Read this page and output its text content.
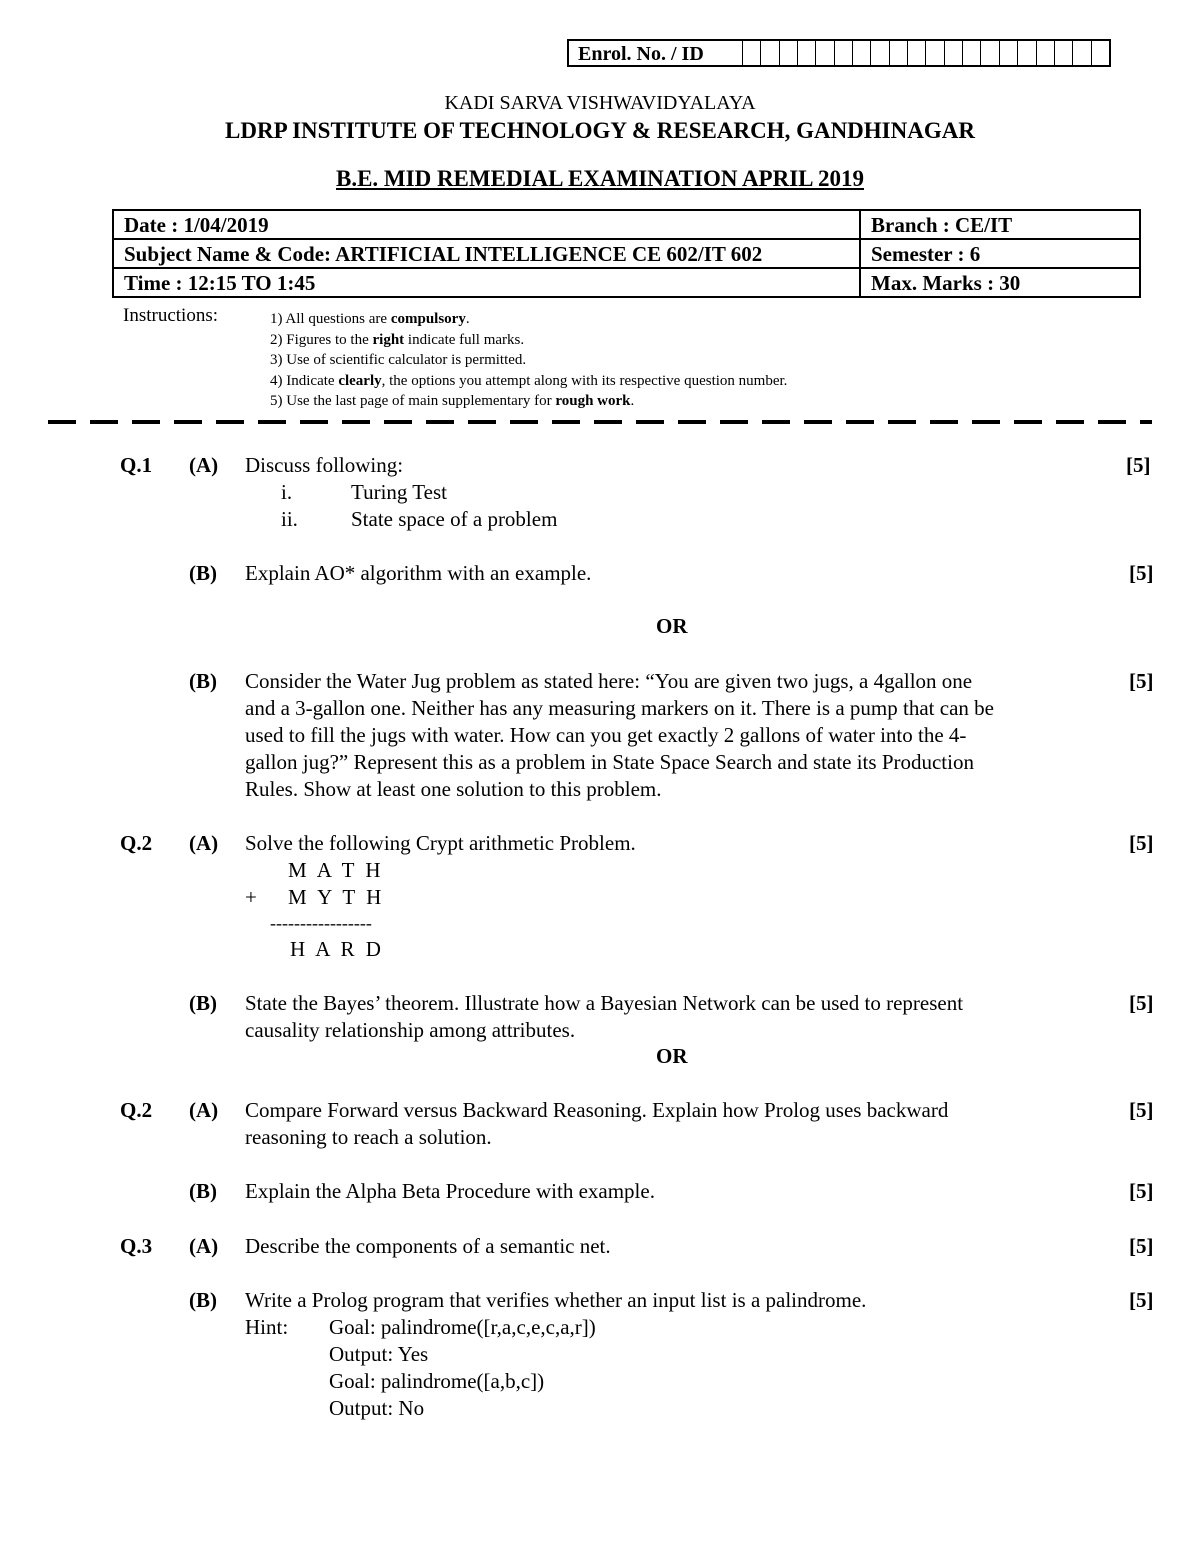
Enrol. No. / ID
KADI SARVA VISHWAVIDYALAYA
LDRP INSTITUTE OF TECHNOLOGY & RESEARCH, GANDHINAGAR
B.E. MID REMEDIAL EXAMINATION APRIL 2019
Date : 1/04/2019	Branch : CE/IT
Subject Name & Code: ARTIFICIAL INTELLIGENCE CE 602/IT 602	Semester : 6
Time : 12:15 TO 1:45	Max. Marks : 30
Instructions:	1) All questions are compulsory.
2) Figures to the right indicate full marks.
3) Use of scientific calculator is permitted.
4) Indicate clearly, the options you attempt along with its respective question number.
5) Use the last page of main supplementary for rough work.
Q.1 (A) Discuss following:
i.	Turing Test
ii.	State space of a problem
[5]
(B) Explain AO* algorithm with an example.	[5]
OR
(B) Consider the Water Jug problem as stated here: “You are given two jugs, a 4gallon one
and a 3-gallon one. Neither has any measuring markers on it. There is a pump that can be
used to fill the jugs with water. How can you get exactly 2 gallons of water into the 4-
gallon jug?” Represent this as a problem in State Space Search and state its Production
Rules. Show at least one solution to this problem.
[5]
Q.2 (A) Solve the following Crypt arithmetic Problem.
M A T H
+ M Y T H
-----------------
H A R D
[5]
(B) State the Bayes’ theorem. Illustrate how a Bayesian Network can be used to represent
causality relationship among attributes.
[5]
OR
Q.2 (A) Compare Forward versus Backward Reasoning. Explain how Prolog uses backward
reasoning to reach a solution.
[5]
(B) Explain the Alpha Beta Procedure with example.	[5]
Q.3 (A) Describe the components of a semantic net.	[5]
(B) Write a Prolog program that verifies whether an input list is a palindrome.
Hint: Goal: palindrome([r,a,c,e,c,a,r])
Output: Yes
Goal: palindrome([a,b,c])
Output: No
[5]
